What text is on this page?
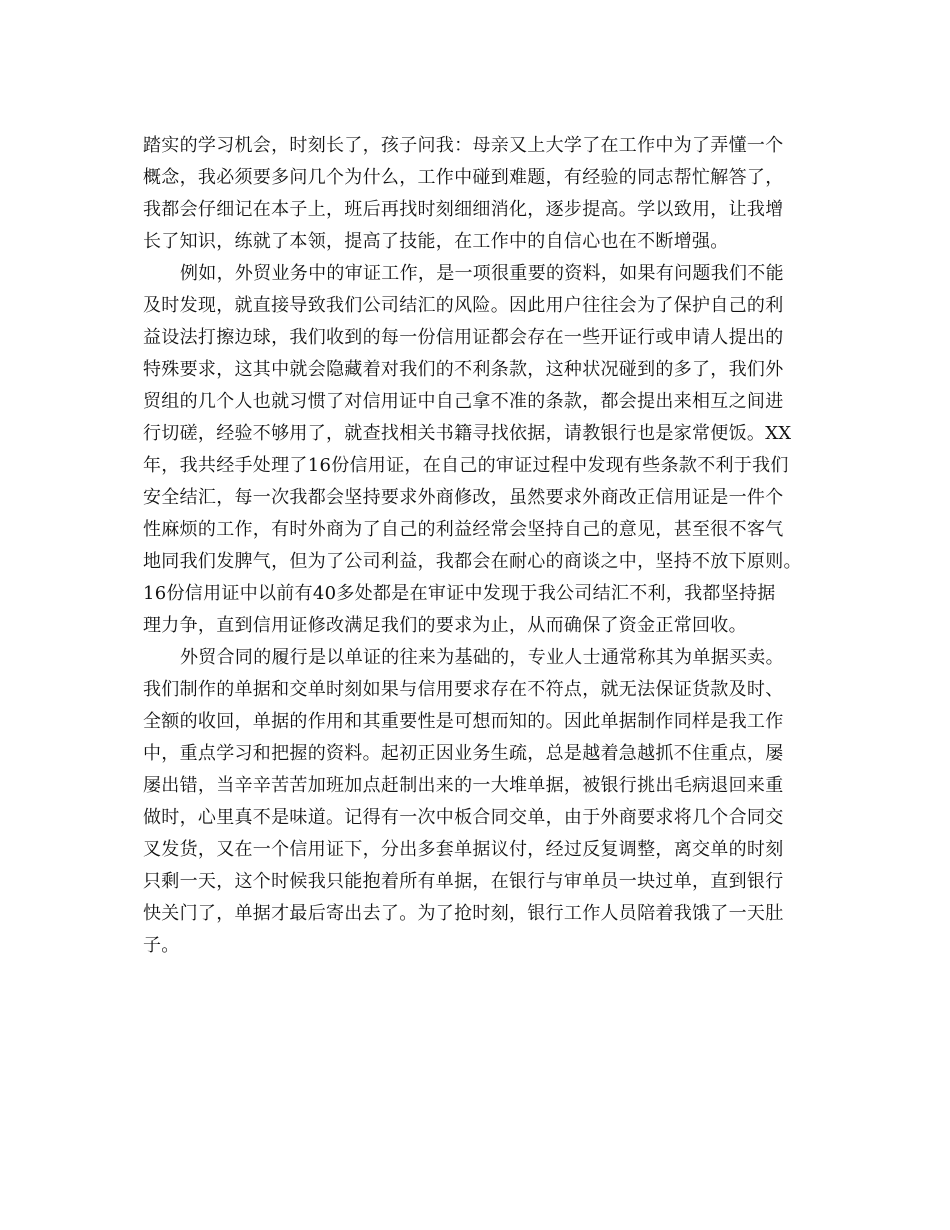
踏实的学习机会，时刻长了，孩子问我：母亲又上大学了在工作中为了弄懂一个
概念，我必须要多问几个为什么，工作中碰到难题，有经验的同志帮忙解答了，
我都会仔细记在本子上，班后再找时刻细细消化，逐步提高。学以致用，让我增
长了知识，练就了本领，提高了技能，在工作中的自信心也在不断增强。
例如，外贸业务中的审证工作，是一项很重要的资料，如果有问题我们不能
及时发现，就直接导致我们公司结汇的风险。因此用户往往会为了保护自己的利
益设法打擦边球，我们收到的每一份信用证都会存在一些开证行或申请人提出的
特殊要求，这其中就会隐藏着对我们的不利条款，这种状况碰到的多了，我们外
贸组的几个人也就习惯了对信用证中自己拿不准的条款，都会提出来相互之间进
行切磋，经验不够用了，就查找相关书籍寻找依据，请教银行也是家常便饭。XX
年，我共经手处理了16份信用证，在自己的审证过程中发现有些条款不利于我们
安全结汇，每一次我都会坚持要求外商修改，虽然要求外商改正信用证是一件个
性麻烦的工作，有时外商为了自己的利益经常会坚持自己的意见，甚至很不客气
地同我们发脾气，但为了公司利益，我都会在耐心的商谈之中，坚持不放下原则。
16份信用证中以前有40多处都是在审证中发现于我公司结汇不利，我都坚持据
理力争，直到信用证修改满足我们的要求为止，从而确保了资金正常回收。
外贸合同的履行是以单证的往来为基础的，专业人士通常称其为单据买卖。
我们制作的单据和交单时刻如果与信用要求存在不符点，就无法保证货款及时、
全额的收回，单据的作用和其重要性是可想而知的。因此单据制作同样是我工作
中，重点学习和把握的资料。起初正因业务生疏，总是越着急越抓不住重点，屡
屡出错，当辛辛苦苦加班加点赶制出来的一大堆单据，被银行挑出毛病退回来重
做时，心里真不是味道。记得有一次中板合同交单，由于外商要求将几个合同交
叉发货，又在一个信用证下，分出多套单据议付，经过反复调整，离交单的时刻
只剩一天，这个时候我只能抱着所有单据，在银行与审单员一块过单，直到银行
快关门了，单据才最后寄出去了。为了抢时刻，银行工作人员陪着我饿了一天肚
子。
